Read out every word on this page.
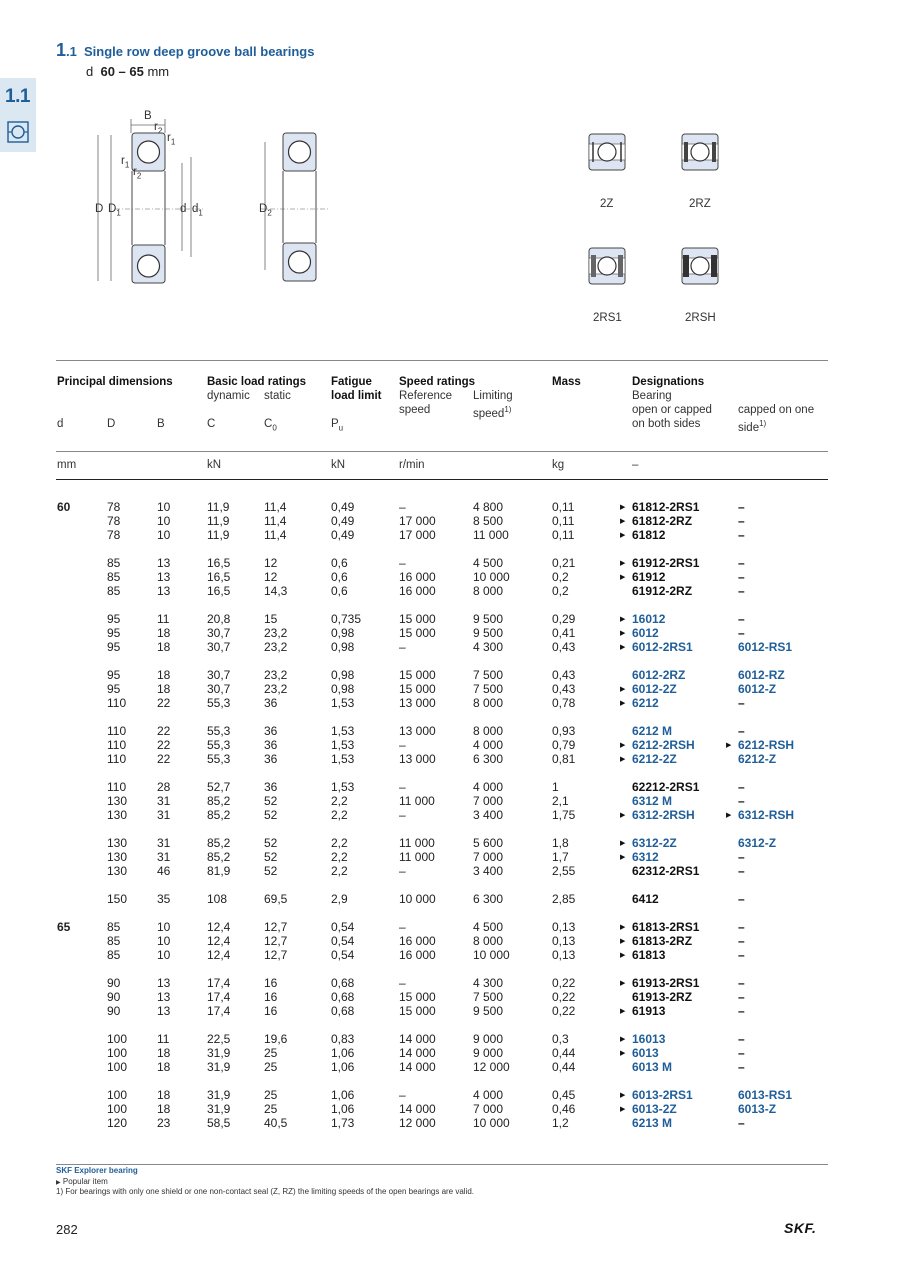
1.1
1.1 Single row deep groove ball bearings
d 60 – 65 mm
B
$r_2$
$r_1$
$r_1$
$r_2$
D $D_1$	d $d_1$	$D_2$
2Z	2RZ
2RS1	2RSH
Principal dimensions	Basic load ratings
dynamic static
Fatigue
load limit
Speed ratings
Reference
speed
Limiting
speed$^{1)}$
Mass	Designations
Bearing
open or capped
on both sides
capped on one
side$^{1)}$
d	D	B	C	$C_0$	$P_u$
mm	kN	kN	r/min	kg	–
60	78	10	11,9	11,4	0,49	–	4 800	0,11	▶ 61812-2RS1	–
78	10	11,9	11,4	0,49	17 000	8 500	0,11	▶ 61812-2RZ	–
78	10	11,9	11,4	0,49	17 000	11 000	0,11	▶ 61812	–
85	13	16,5	12	0,6	–	4 500	0,21	▶ 61912-2RS1	–
85	13	16,5	12	0,6	16 000	10 000	0,2	▶ 61912	–
85	13	16,5	14,3	0,6	16 000	8 000	0,2	61912-2RZ	–
95	11	20,8	15	0,735	15 000	9 500	0,29	▶ 16012	–
95	18	30,7	23,2	0,98	15 000	9 500	0,41	▶ 6012	–
95	18	30,7	23,2	0,98	–	4 300	0,43	▶ 6012-2RS1	6012-RS1
95	18	30,7	23,2	0,98	15 000	7 500	0,43	6012-2RZ	6012-RZ
95	18	30,7	23,2	0,98	15 000	7 500	0,43	▶ 6012-2Z	6012-Z
110	22	55,3	36	1,53	13 000	8 000	0,78	▶ 6212	–
110	22	55,3	36	1,53	13 000	8 000	0,93	6212 M	–
110	22	55,3	36	1,53	–	4 000	0,79	▶ 6212-2RSH	▶ 6212-RSH
110	22	55,3	36	1,53	13 000	6 300	0,81	▶ 6212-2Z	6212-Z
110	28	52,7	36	1,53	–	4 000	1	62212-2RS1	–
130 31	85,2	52	2,2	11 000	7 000	2,1	6312 M	–
130 31	85,2	52	2,2	–	3 400	1,75	▶ 6312-2RSH	▶ 6312-RSH
130 31	85,2	52	2,2	11 000	5 600	1,8	▶ 6312-2Z	6312-Z
130 31	85,2	52	2,2	11 000	7 000	1,7	▶ 6312	–
130 46	81,9	52	2,2	–	3 400	2,55	62312-2RS1	–
150 35	108	69,5	2,9	10 000	6 300	2,85	6412	–
65	85	10	12,4	12,7	0,54	–	4 500	0,13	▶ 61813-2RS1	–
85	10	12,4	12,7	0,54	16 000	8 000	0,13	▶ 61813-2RZ	–
85	10	12,4	12,7	0,54	16 000	10 000	0,13	▶ 61813	–
90	13	17,4	16	0,68	–	4 300	0,22	▶ 61913-2RS1	–
90	13	17,4	16	0,68	15 000	7 500	0,22	61913-2RZ	–
90	13	17,4	16	0,68	15 000	9 500	0,22	▶ 61913	–
100 11	22,5	19,6	0,83	14 000	9 000	0,3	▶ 16013	–
100 18	31,9	25	1,06	14 000	9 000	0,44	▶ 6013	–
100 18	31,9	25	1,06	14 000	12 000	0,44	6013 M	–
100 18	31,9	25	1,06	–	4 000	0,45	▶ 6013-2RS1	6013-RS1
100 18	31,9	25	1,06	14 000	7 000	0,46	▶ 6013-2Z	6013-Z
120 23	58,5	40,5	1,73	12 000	10 000	1,2	6213 M	–
SKF Explorer bearing
▶ Popular item
1) For bearings with only one shield or one non-contact seal (Z, RZ) the limiting speeds of the open bearings are valid.
282	SKF.
